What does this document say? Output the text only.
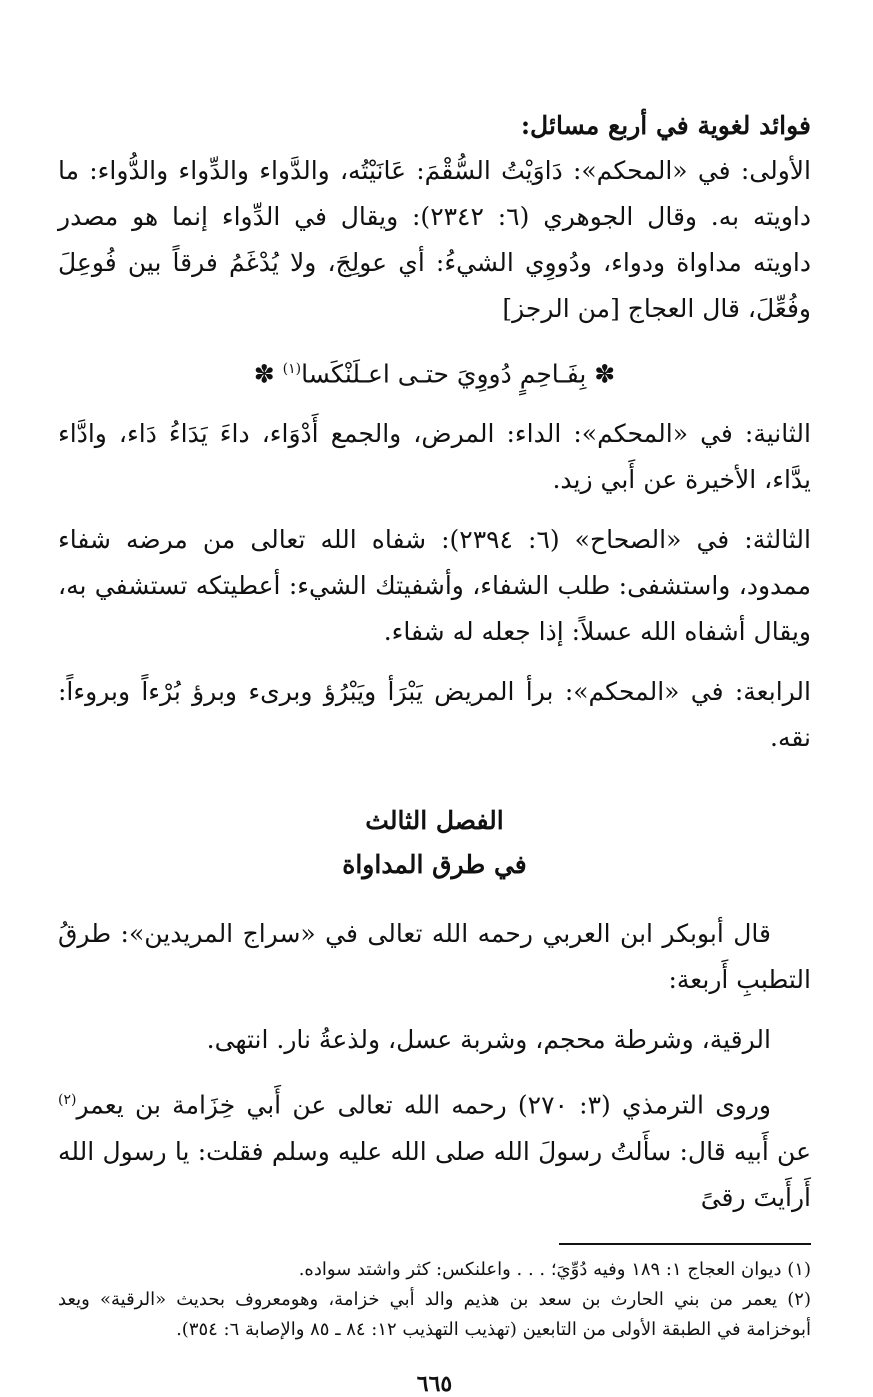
فوائد لغوية في أربع مسائل:

الأولى: في «المحكم»: دَاوَيْتُ السُّقْمَ: عَانَيْتُه، والدَّواء والدِّواء والدُّواء: ما داويته به. وقال الجوهري (٦: ٢٣٤٢): ويقال في الدِّواء إنما هو مصدر داويته مداواة ودواء، ودُووِي الشيءُ: أي عولِجَ، ولا يُدْغَمُ فرقاً بين فُوعِلَ وفُعِّلَ، قال العجاج [من الرجز]

✽ بِفَـاحِمٍ دُووِيَ حتـى اعـلَنْكَسا$^{(١)}$ ✽

الثانية: في «المحكم»: الداء: المرض، والجمع أَدْوَاء، داءَ يَدَاءُ دَاء، وادَّاء يدَّاء، الأخيرة عن أَبي زيد.

الثالثة: في «الصحاح» (٦: ٢٣٩٤): شفاه الله تعالى من مرضه شفاء ممدود، واستشفى: طلب الشفاء، وأشفيتك الشيء: أعطيتكه تستشفي به، ويقال أشفاه الله عسلاً: إذا جعله له شفاء.

الرابعة: في «المحكم»: برأ المريض يَبْرَأ ويَبْرُؤ وبرىء وبرؤ بُرْءاً وبروءاً: نقه.

الفصل الثالث

في طرق المداواة

قال أبوبكر ابن العربي رحمه الله تعالى في «سراج المريدين»: طرقُ التطببِ أَربعة:

الرقية، وشرطة محجم، وشربة عسل، ولذعةُ نار. انتهى.

وروى الترمذي (٣: ٢٧٠) رحمه الله تعالى عن أَبي خِزَامة بن يعمر$^{(٢)}$ عن أَبيه قال: سأَلتُ رسولَ الله صلى الله عليه وسلم فقلت: يا رسول الله أَرأَيتَ رقىً

(١) ديوان العجاج ١: ١٨٩ وفيه دُوِّيَ؛ . . . واعلنكس: كثر واشتد سواده.

(٢) يعمر من بني الحارث بن سعد بن هذيم والد أبي خزامة، وهومعروف بحديث «الرقية» ويعد أبوخزامة في الطبقة الأولى من التابعين (تهذيب التهذيب ١٢: ٨٤ ـ ٨٥ والإصابة ٦: ٣٥٤).

٦٦٥
